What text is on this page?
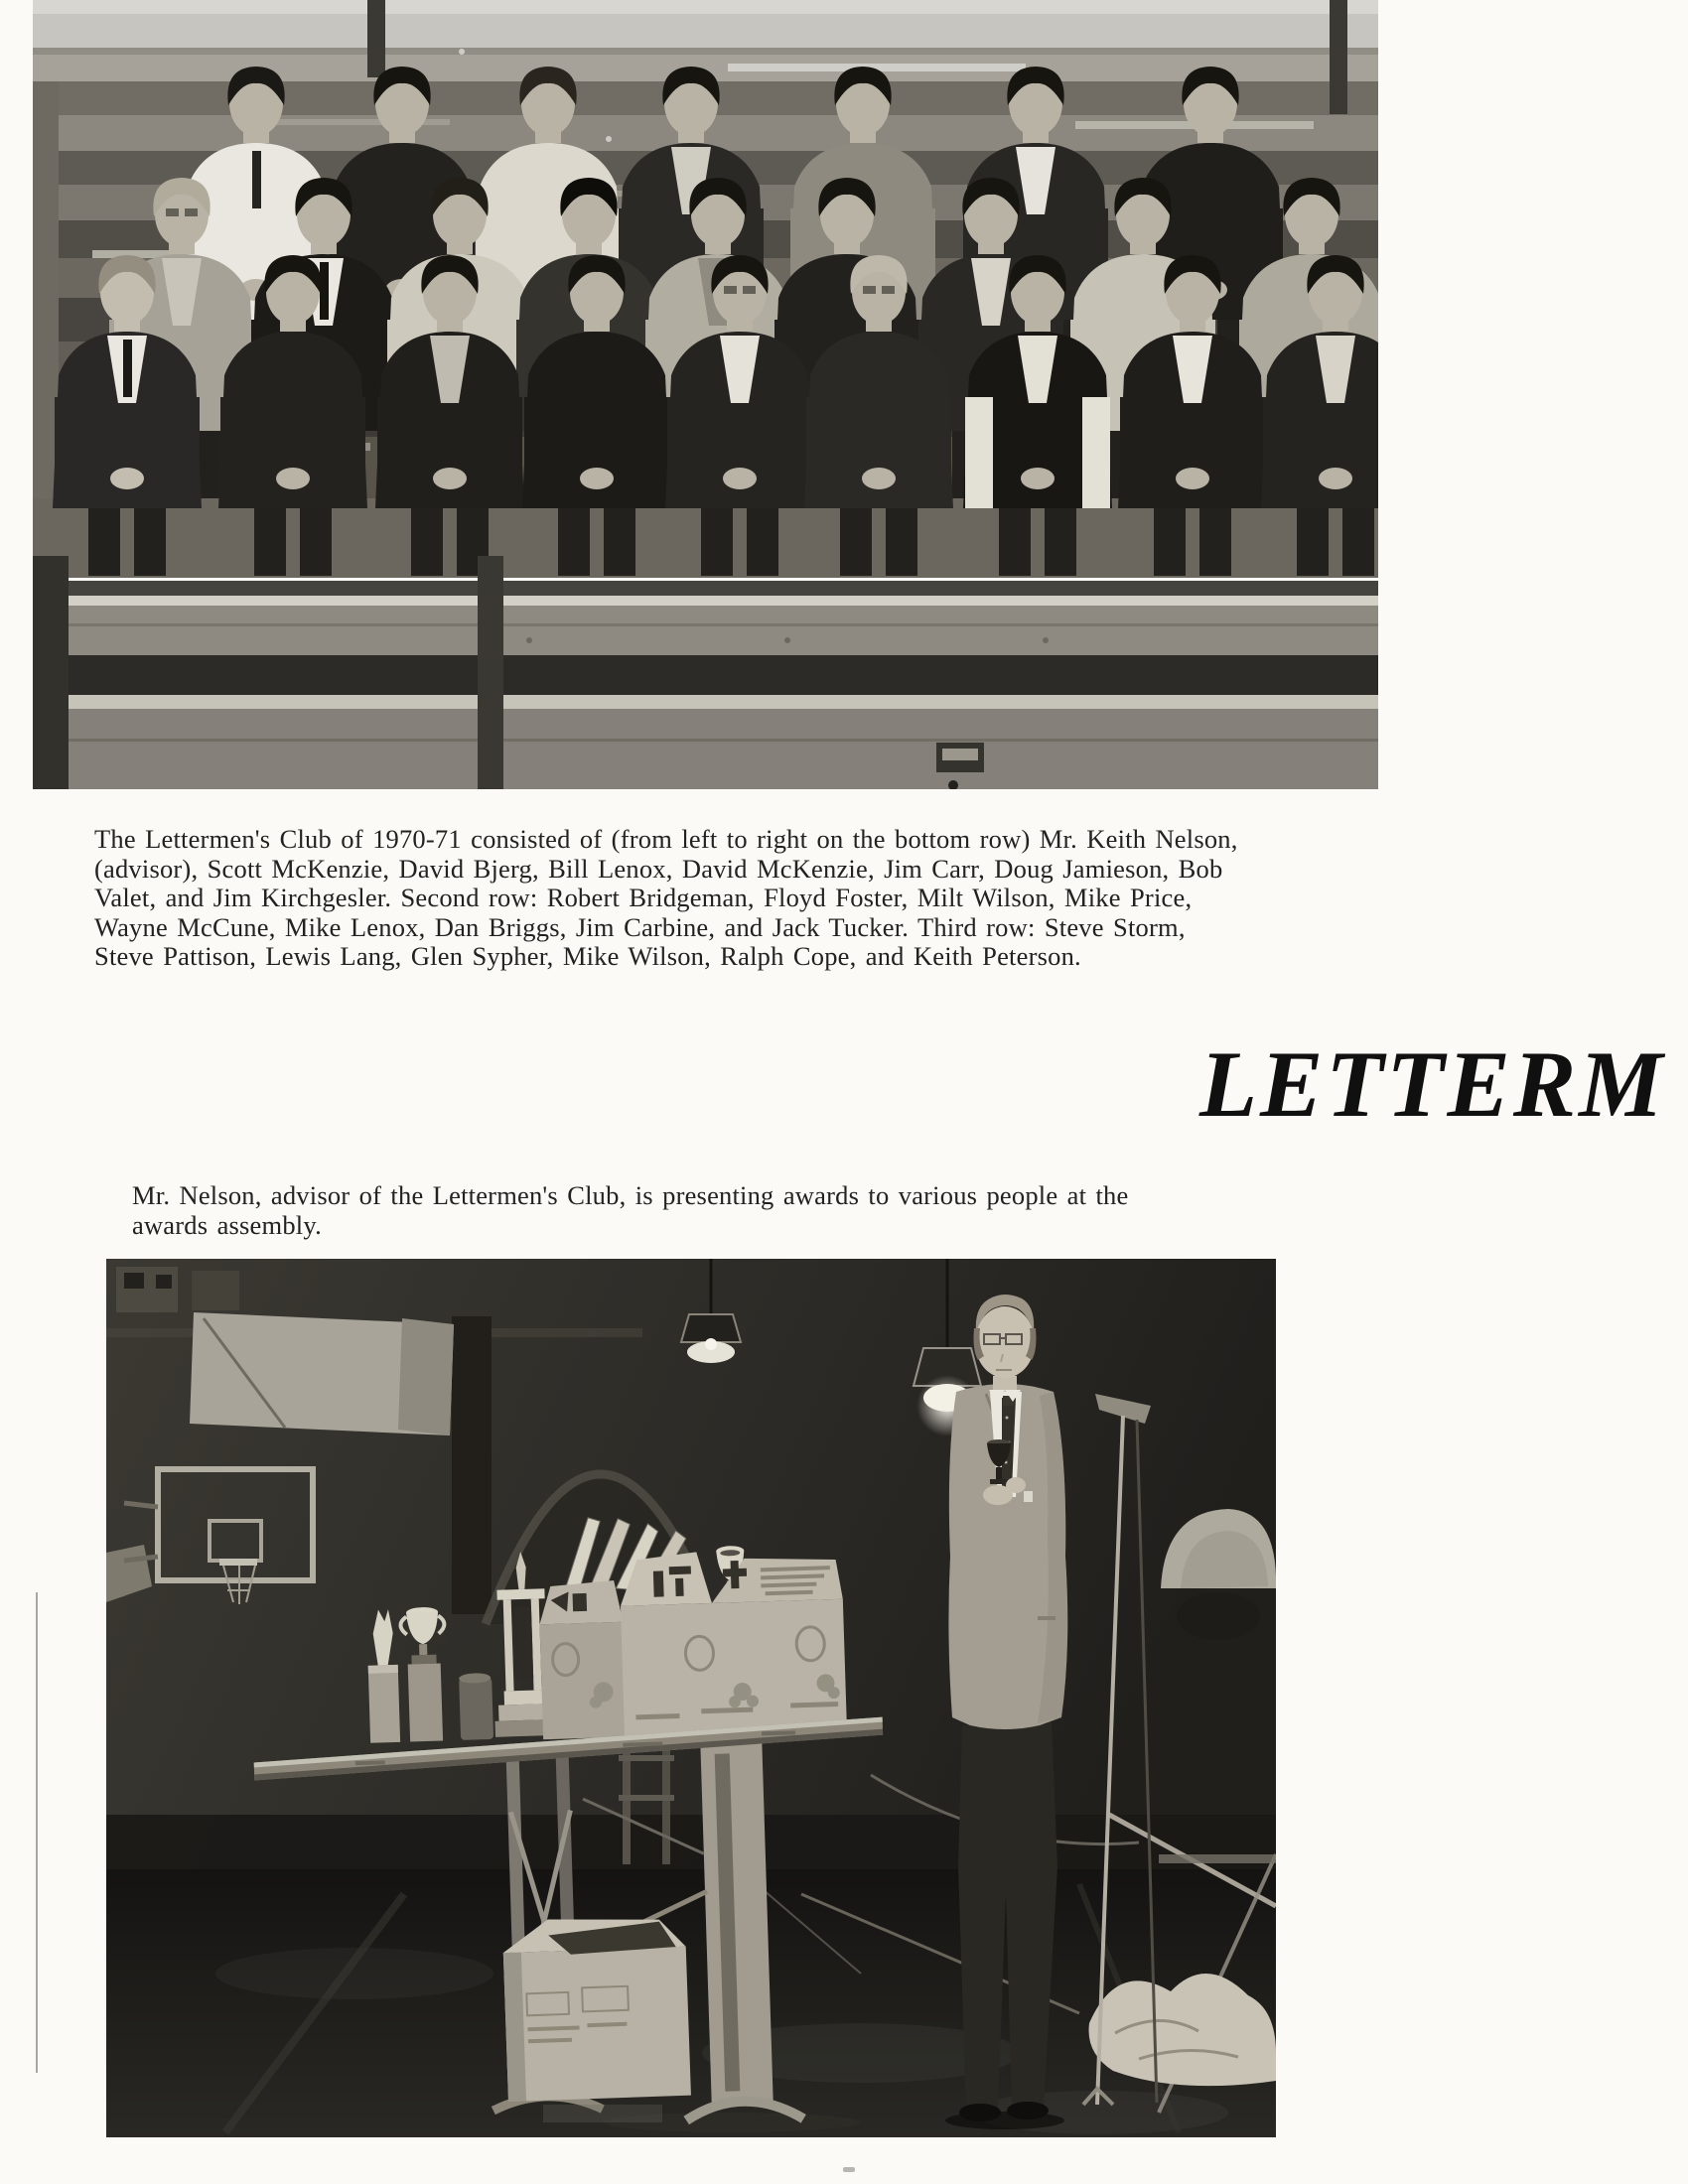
The Lettermen's Club of 1970-71 consisted of (from left to right on the bottom row) Mr. Keith Nelson,
(advisor), Scott McKenzie, David Bjerg, Bill Lenox, David McKenzie, Jim Carr, Doug Jamieson, Bob
Valet, and Jim Kirchgesler. Second row: Robert Bridgeman, Floyd Foster, Milt Wilson, Mike Price,
Wayne McCune, Mike Lenox, Dan Briggs, Jim Carbine, and Jack Tucker. Third row: Steve Storm,
Steve Pattison, Lewis Lang, Glen Sypher, Mike Wilson, Ralph Cope, and Keith Peterson.
LETTERM
Mr. Nelson, advisor of the Lettermen's Club, is presenting awards to various people at the
awards assembly.
